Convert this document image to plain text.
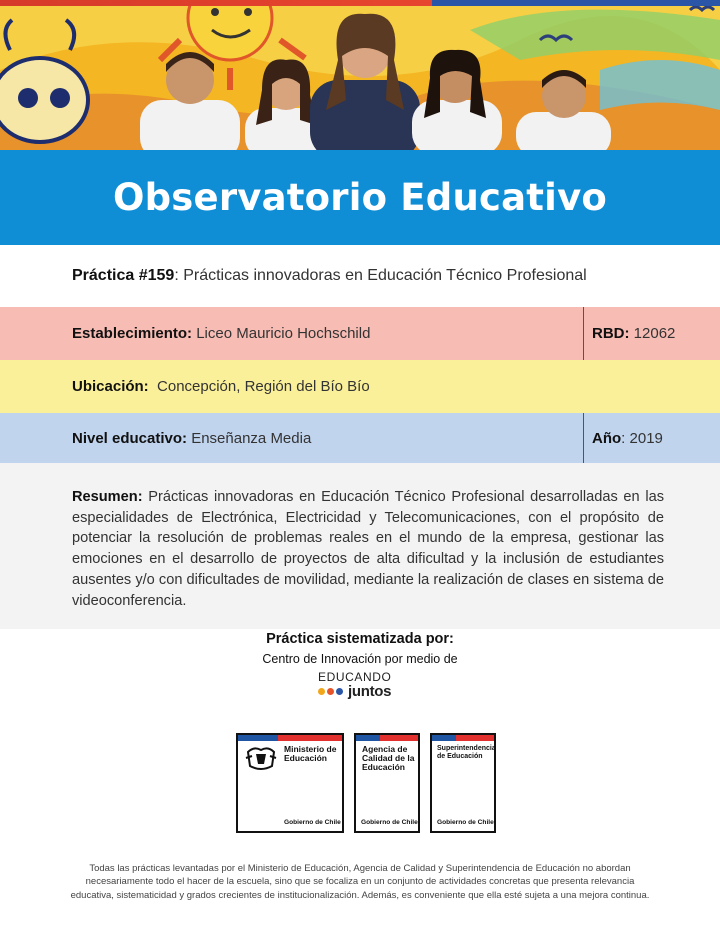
Observatorio Educativo
Práctica #159: Prácticas innovadoras en Educación Técnico Profesional
Establecimiento: Liceo Mauricio Hochschild	RBD: 12062
Ubicación:  Concepción, Región del Bío Bío
Nivel educativo: Enseñanza Media	Año: 2019
Resumen: Prácticas innovadoras en Educación Técnico Profesional desarrolladas en las especialidades de Electrónica, Electricidad y Telecomunicaciones, con el propósito de potenciar la resolución de problemas reales en el mundo de la empresa, gestionar las emociones en el desarrollo de proyectos de alta dificultad y la inclusión de estudiantes ausentes y/o con dificultades de movilidad, mediante la realización de clases en sistema de videoconferencia.
Práctica sistematizada por:
Centro de Innovación por medio de
EDUCANDO
juntos
Ministerio de
Educación
Gobierno de Chile
Agencia de
Calidad de la
Educación
Gobierno de Chile
Superintendencia
de Educación
Gobierno de Chile
Todas las prácticas levantadas por el Ministerio de Educación, Agencia de Calidad y Superintendencia de Educación no abordan
necesariamente todo el hacer de la escuela, sino que se focaliza en un conjunto de actividades concretas que presenta relevancia
educativa, sistematicidad y grados crecientes de institucionalización. Además, es conveniente que ella esté sujeta a una mejora continua.
